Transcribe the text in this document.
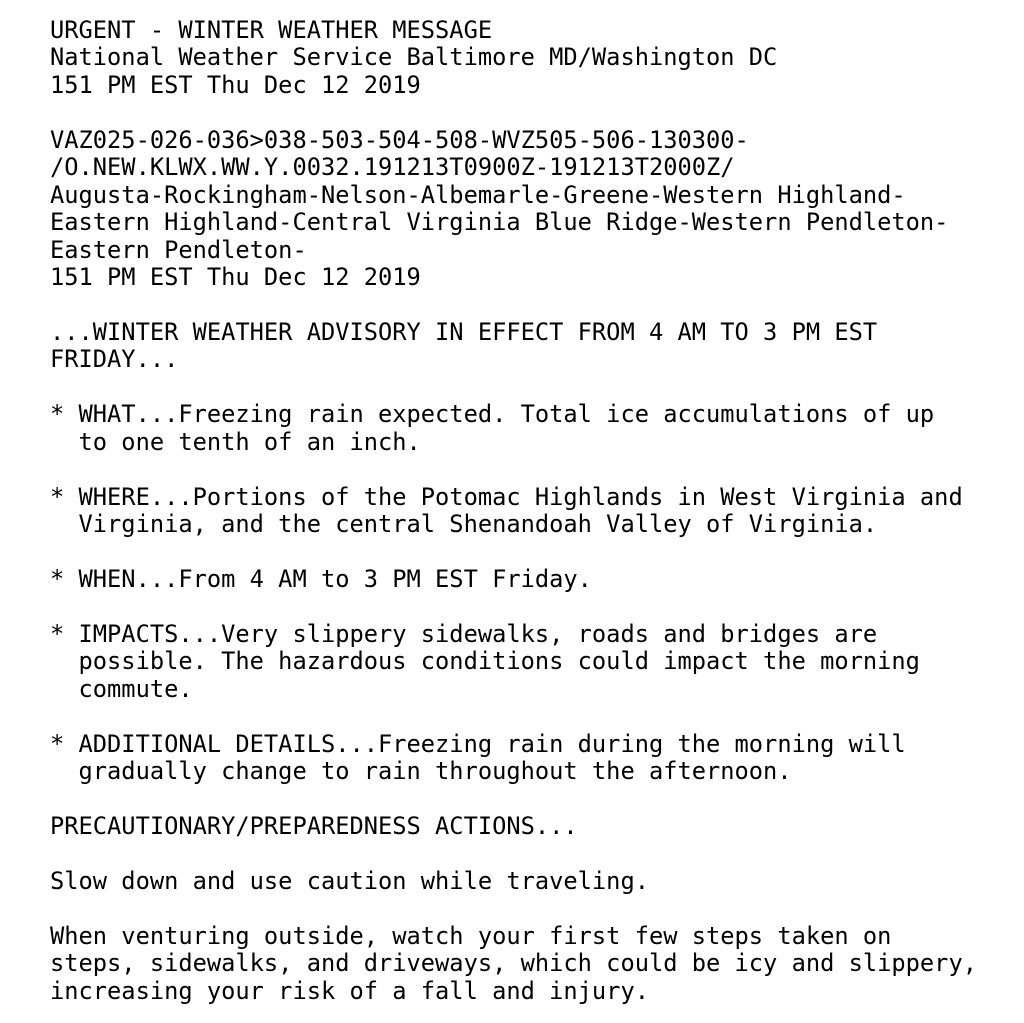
URGENT - WINTER WEATHER MESSAGE
National Weather Service Baltimore MD/Washington DC
151 PM EST Thu Dec 12 2019
VAZ025-026-036>038-503-504-508-WVZ505-506-130300-
/O.NEW.KLWX.WW.Y.0032.191213T0900Z-191213T2000Z/
Augusta-Rockingham-Nelson-Albemarle-Greene-Western Highland-
Eastern Highland-Central Virginia Blue Ridge-Western Pendleton-
Eastern Pendleton-
151 PM EST Thu Dec 12 2019
...WINTER WEATHER ADVISORY IN EFFECT FROM 4 AM TO 3 PM EST
FRIDAY...
* WHAT...Freezing rain expected. Total ice accumulations of up
to one tenth of an inch.
* WHERE...Portions of the Potomac Highlands in West Virginia and
Virginia, and the central Shenandoah Valley of Virginia.
* WHEN...From 4 AM to 3 PM EST Friday.
* IMPACTS...Very slippery sidewalks, roads and bridges are
possible. The hazardous conditions could impact the morning
commute.
* ADDITIONAL DETAILS...Freezing rain during the morning will
gradually change to rain throughout the afternoon.
PRECAUTIONARY/PREPAREDNESS ACTIONS...
Slow down and use caution while traveling.
When venturing outside, watch your first few steps taken on
steps, sidewalks, and driveways, which could be icy and slippery,
increasing your risk of a fall and injury.
